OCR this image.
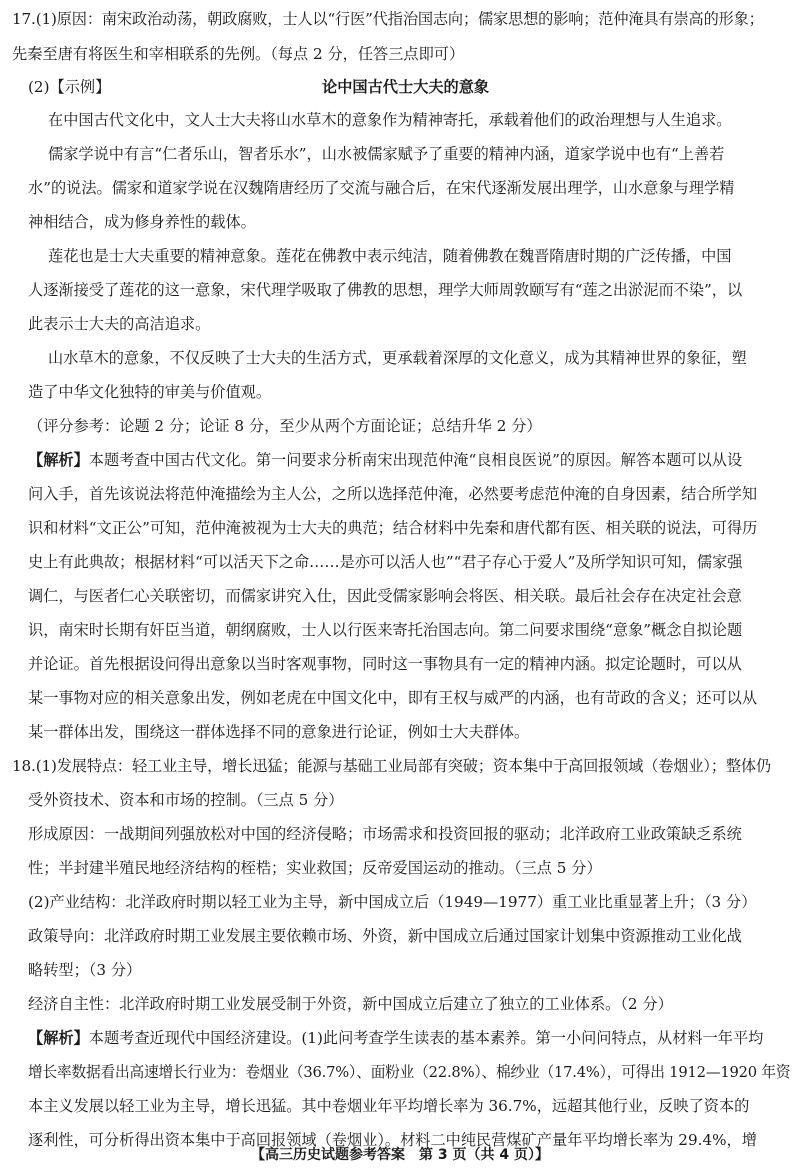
17.(1)原因：南宋政治动荡，朝政腐败，士人以“行医”代指治国志向；儒家思想的影响；范仲淹具有崇高的形象；
先秦至唐有将医生和宰相联系的先例。（每点 2 分，任答三点即可）
(2)【示例】	论中国古代士大夫的意象
在中国古代文化中，文人士大夫将山水草木的意象作为精神寄托，承载着他们的政治理想与人生追求。
儒家学说中有言“仁者乐山，智者乐水”，山水被儒家赋予了重要的精神内涵，道家学说中也有“上善若
水”的说法。儒家和道家学说在汉魏隋唐经历了交流与融合后，在宋代逐渐发展出理学，山水意象与理学精
神相结合，成为修身养性的载体。
莲花也是士大夫重要的精神意象。莲花在佛教中表示纯洁，随着佛教在魏晋隋唐时期的广泛传播，中国
人逐渐接受了莲花的这一意象，宋代理学吸取了佛教的思想，理学大师周敦颐写有“莲之出淤泥而不染”，以
此表示士大夫的高洁追求。
山水草木的意象，不仅反映了士大夫的生活方式，更承载着深厚的文化意义，成为其精神世界的象征，塑
造了中华文化独特的审美与价值观。
（评分参考：论题 2 分；论证 8 分，至少从两个方面论证；总结升华 2 分）
【解析】本题考查中国古代文化。第一问要求分析南宋出现范仲淹“良相良医说”的原因。解答本题可以从设
问入手，首先该说法将范仲淹描绘为主人公，之所以选择范仲淹，必然要考虑范仲淹的自身因素，结合所学知
识和材料“文正公”可知，范仲淹被视为士大夫的典范；结合材料中先秦和唐代都有医、相关联的说法，可得历
史上有此典故；根据材料“可以活天下之命……是亦可以活人也”“君子存心于爱人”及所学知识可知，儒家强
调仁，与医者仁心关联密切，而儒家讲究入仕，因此受儒家影响会将医、相关联。最后社会存在决定社会意
识，南宋时长期有奸臣当道，朝纲腐败，士人以行医来寄托治国志向。第二问要求围绕“意象”概念自拟论题
并论证。首先根据设问得出意象以当时客观事物，同时这一事物具有一定的精神内涵。拟定论题时，可以从
某一事物对应的相关意象出发，例如老虎在中国文化中，即有王权与威严的内涵，也有苛政的含义；还可以从
某一群体出发，围绕这一群体选择不同的意象进行论证，例如士大夫群体。
18.(1)发展特点：轻工业主导，增长迅猛；能源与基础工业局部有突破；资本集中于高回报领域（卷烟业）；整体仍
受外资技术、资本和市场的控制。（三点 5 分）
形成原因：一战期间列强放松对中国的经济侵略；市场需求和投资回报的驱动；北洋政府工业政策缺乏系统
性；半封建半殖民地经济结构的桎梏；实业救国；反帝爱国运动的推动。（三点 5 分）
(2)产业结构：北洋政府时期以轻工业为主导，新中国成立后（1949—1977）重工业比重显著上升；（3 分）
政策导向：北洋政府时期工业发展主要依赖市场、外资，新中国成立后通过国家计划集中资源推动工业化战
略转型；（3 分）
经济自主性：北洋政府时期工业发展受制于外资，新中国成立后建立了独立的工业体系。（2 分）
【解析】本题考查近现代中国经济建设。(1)此问考查学生读表的基本素养。第一小问问特点，从材料一年平均
增长率数据看出高速增长行业为：卷烟业（36.7%）、面粉业（22.8%）、棉纱业（17.4%），可得出 1912—1920 年资
本主义发展以轻工业为主导，增长迅猛。其中卷烟业年平均增长率为 36.7%，远超其他行业，反映了资本的
逐利性，可分析得出资本集中于高回报领域（卷烟业）。材料二中纯民营煤矿产量年平均增长率为 29.4%，增
【高三历史试题参考答案　第 3 页（共 4 页）】
